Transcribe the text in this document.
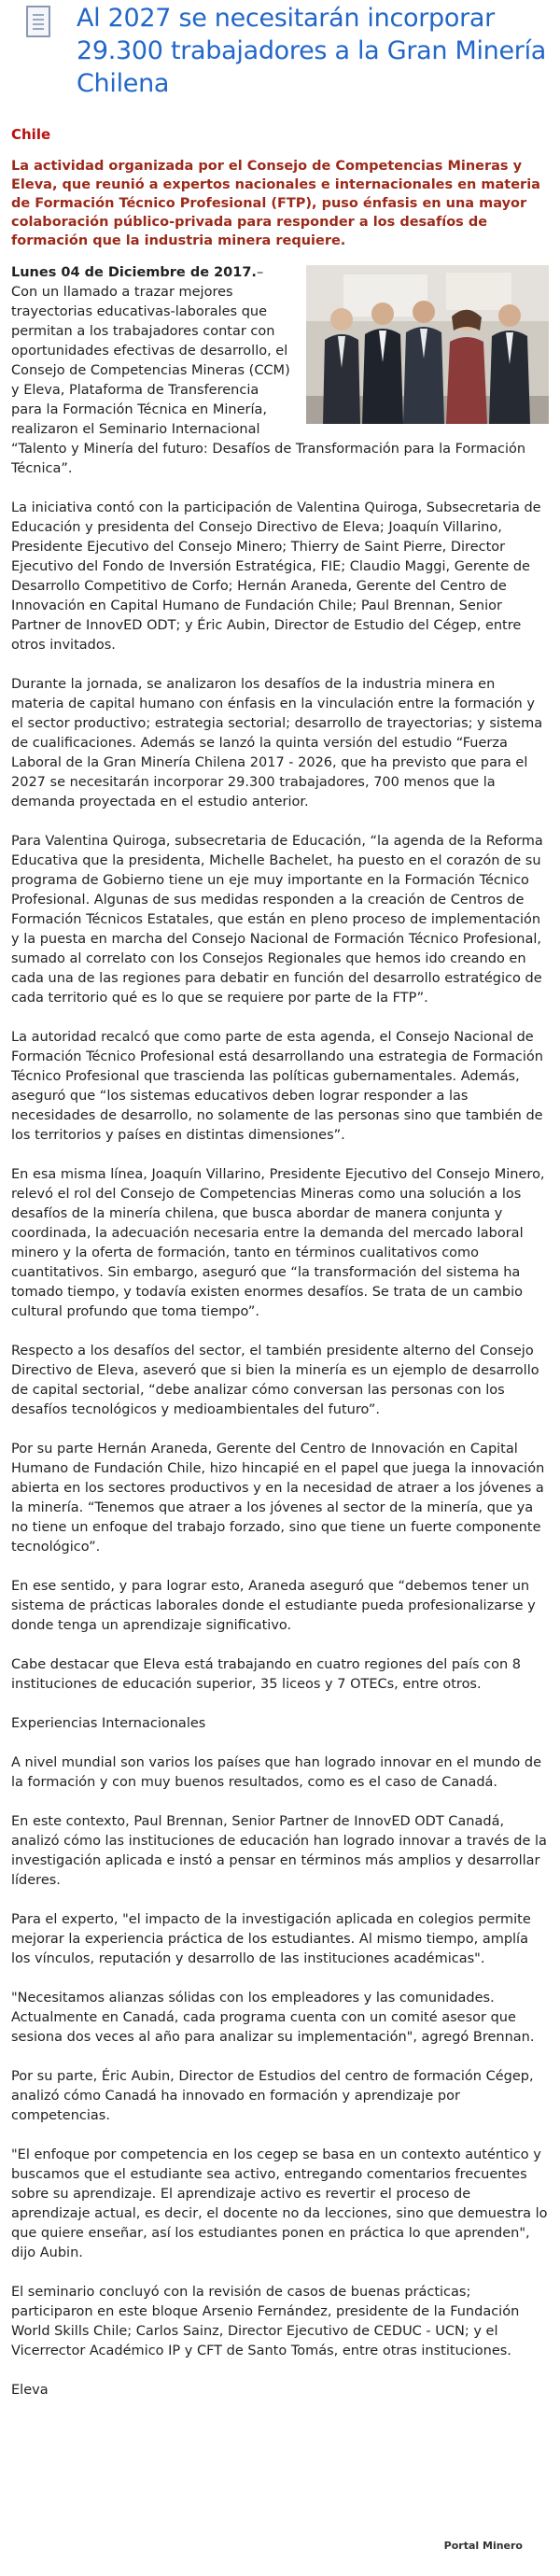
Al 2027 se necesitarán incorporar 29.300 trabajadores a la Gran Minería Chilena
Chile
La actividad organizada por el Consejo de Competencias Mineras y Eleva, que reunió a expertos nacionales e internacionales en materia de Formación Técnico Profesional (FTP), puso énfasis en una mayor colaboración público-privada para responder a los desafíos de formación que la industria minera requiere.

Lunes 04 de Diciembre de 2017.– Con un llamado a trazar mejores trayectorias educativas-laborales que permitan a los trabajadores contar con oportunidades efectivas de desarrollo, el Consejo de Competencias Mineras (CCM) y Eleva, Plataforma de Transferencia para la Formación Técnica en Minería, realizaron el Seminario Internacional “Talento y Minería del futuro: Desafíos de Transformación para la Formación Técnica”.

La iniciativa contó con la participación de Valentina Quiroga, Subsecretaria de Educación y presidenta del Consejo Directivo de Eleva; Joaquín Villarino, Presidente Ejecutivo del Consejo Minero; Thierry de Saint Pierre, Director Ejecutivo del Fondo de Inversión Estratégica, FIE; Claudio Maggi, Gerente de Desarrollo Competitivo de Corfo; Hernán Araneda, Gerente del Centro de Innovación en Capital Humano de Fundación Chile; Paul Brennan, Senior Partner de InnovED ODT; y Éric Aubin, Director de Estudio del Cégep, entre otros invitados.

Durante la jornada, se analizaron los desafíos de la industria minera en materia de capital humano con énfasis en la vinculación entre la formación y el sector productivo; estrategia sectorial; desarrollo de trayectorias; y sistema de cualificaciones. Además se lanzó la quinta versión del estudio “Fuerza Laboral de la Gran Minería Chilena 2017 - 2026, que ha previsto que para el 2027 se necesitarán incorporar 29.300 trabajadores, 700 menos que la demanda proyectada en el estudio anterior.

Para Valentina Quiroga, subsecretaria de Educación, “la agenda de la Reforma Educativa que la presidenta, Michelle Bachelet, ha puesto en el corazón de su programa de Gobierno tiene un eje muy importante en la Formación Técnico Profesional. Algunas de sus medidas responden a la creación de Centros de Formación Técnicos Estatales, que están en pleno proceso de implementación y la puesta en marcha del Consejo Nacional de Formación Técnico Profesional, sumado al correlato con los Consejos Regionales que hemos ido creando en cada una de las regiones para debatir en función del desarrollo estratégico de cada territorio qué es lo que se requiere por parte de la FTP”.

La autoridad recalcó que como parte de esta agenda, el Consejo Nacional de Formación Técnico Profesional está desarrollando una estrategia de Formación Técnico Profesional que trascienda las políticas gubernamentales. Además, aseguró que “los sistemas educativos deben lograr responder a las necesidades de desarrollo, no solamente de las personas sino que también de los territorios y países en distintas dimensiones”.

En esa misma línea, Joaquín Villarino, Presidente Ejecutivo del Consejo Minero, relevó el rol del Consejo de Competencias Mineras como una solución a los desafíos de la minería chilena, que busca abordar de manera conjunta y coordinada, la adecuación necesaria entre la demanda del mercado laboral minero y la oferta de formación, tanto en términos cualitativos como cuantitativos. Sin embargo, aseguró que “la transformación del sistema ha tomado tiempo, y todavía existen enormes desafíos. Se trata de un cambio cultural profundo que toma tiempo”.

Respecto a los desafíos del sector, el también presidente alterno del Consejo Directivo de Eleva, aseveró que si bien la minería es un ejemplo de desarrollo de capital sectorial, “debe analizar cómo conversan las personas con los desafíos tecnológicos y medioambientales del futuro”.

Por su parte Hernán Araneda, Gerente del Centro de Innovación en Capital Humano de Fundación Chile, hizo hincapié en el papel que juega la innovación abierta en los sectores productivos y en la necesidad de atraer a los jóvenes a la minería. “Tenemos que atraer a los jóvenes al sector de la minería, que ya no tiene un enfoque del trabajo forzado, sino que tiene un fuerte componente tecnológico”.

En ese sentido, y para lograr esto, Araneda aseguró que “debemos tener un sistema de prácticas laborales donde el estudiante pueda profesionalizarse y donde tenga un aprendizaje significativo.

Cabe destacar que Eleva está trabajando en cuatro regiones del país con 8 instituciones de educación superior, 35 liceos y 7 OTECs, entre otros.

Experiencias Internacionales

A nivel mundial son varios los países que han logrado innovar en el mundo de la formación y con muy buenos resultados, como es el caso de Canadá.

En este contexto, Paul Brennan, Senior Partner de InnovED ODT Canadá, analizó cómo las instituciones de educación han logrado innovar a través de la investigación aplicada e instó a pensar en términos más amplios y desarrollar líderes.

Para el experto, "el impacto de la investigación aplicada en colegios permite mejorar la experiencia práctica de los estudiantes. Al mismo tiempo, amplía los vínculos, reputación y desarrollo de las instituciones académicas".

"Necesitamos alianzas sólidas con los empleadores y las comunidades. Actualmente en Canadá, cada programa cuenta con un comité asesor que sesiona dos veces al año para analizar su implementación", agregó Brennan.

Por su parte, Éric Aubin, Director de Estudios del centro de formación Cégep, analizó cómo Canadá ha innovado en formación y aprendizaje por competencias.

"El enfoque por competencia en los cegep se basa en un contexto auténtico y buscamos que el estudiante sea activo, entregando comentarios frecuentes sobre su aprendizaje. El aprendizaje activo es revertir el proceso de aprendizaje actual, es decir, el docente no da lecciones, sino que demuestra lo que quiere enseñar, así los estudiantes ponen en práctica lo que aprenden", dijo Aubin.

El seminario concluyó con la revisión de casos de buenas prácticas; participaron en este bloque Arsenio Fernández, presidente de la Fundación World Skills Chile; Carlos Sainz, Director Ejecutivo de CEDUC - UCN; y el Vicerrector Académico IP y CFT de Santo Tomás, entre otras instituciones.

Eleva

Portal Minero
